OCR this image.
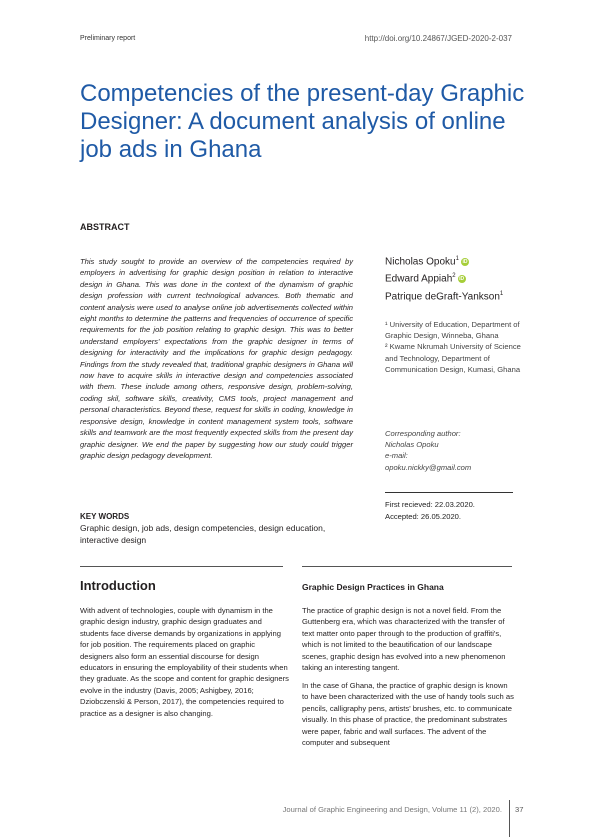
Preliminary report	http://doi.org/10.24867/JGED-2020-2-037
Competencies of the present-day Graphic Designer: A document analysis of online job ads in Ghana
ABSTRACT

This study sought to provide an overview of the competencies required by employers in advertising for graphic design position in relation to interactive design in Ghana. This was done in the context of the dynamism of graphic design profession with current technological advances. Both thematic and content analysis were used to analyse online job advertisements collected within eight months to determine the patterns and frequencies of occurrence of specific requirements for the job position relating to graphic design. This was to better understand employers' expectations from the graphic designer in terms of designing for interactivity and the implications for graphic design pedagogy. Findings from the study revealed that, traditional graphic designers in Ghana will now have to acquire skills in interactive design and competencies associated with them. These include among others, responsive design, problem-solving, coding skil, software skills, creativity, CMS tools, project management and personal characteristics. Beyond these, request for skills in coding, knowledge in responsive design, knowledge in content management system tools, software skills and teamwork are the most frequently expected skills from the present day graphic designer. We end the paper by suggesting how our study could trigger graphic design pedagogy development.

KEY WORDS

Graphic design, job ads, design competencies, design education, interactive design

Nicholas Opoku$^1$ iD
Edward Appiah$^2$ iD
Patrique deGraft-Yankson$^1$

¹ University of Education, Department of Graphic Design, Winneba, Ghana
² Kwame Nkrumah University of Science and Technology, Department of Communication Design, Kumasi, Ghana

Corresponding author:
Nicholas Opoku
e-mail:
opoku.nickky@gmail.com
First recieved: 22.03.2020.
Accepted: 26.05.2020.
Introduction

With advent of technologies, couple with dynamism in the graphic design industry, graphic design graduates and students face diverse demands by organizations in applying for job position. The requirements placed on graphic designers also form an essential discourse for design educators in ensuring the employability of their students when they graduate. As the scope and content for graphic designers evolve in the industry (Davis, 2005; Ashigbey, 2016; Dziobczenski & Person, 2017), the competencies required to practice as a designer is also changing.

Graphic Design Practices in Ghana

The practice of graphic design is not a novel field. From the Guttenberg era, which was characterized with the transfer of text matter onto paper through to the production of graffiti's, which is not limited to the beautification of our landscape scenes, graphic design has evolved into a new phenomenon taking an interesting tangent.

In the case of Ghana, the practice of graphic design is known to have been characterized with the use of handy tools such as pencils, calligraphy pens, artists' brushes, etc. to communicate visually. In this phase of practice, the predominant substrates were paper, fabric and wall surfaces. The advent of the computer and subsequent

Journal of Graphic Engineering and Design, Volume 11 (2), 2020. 37
